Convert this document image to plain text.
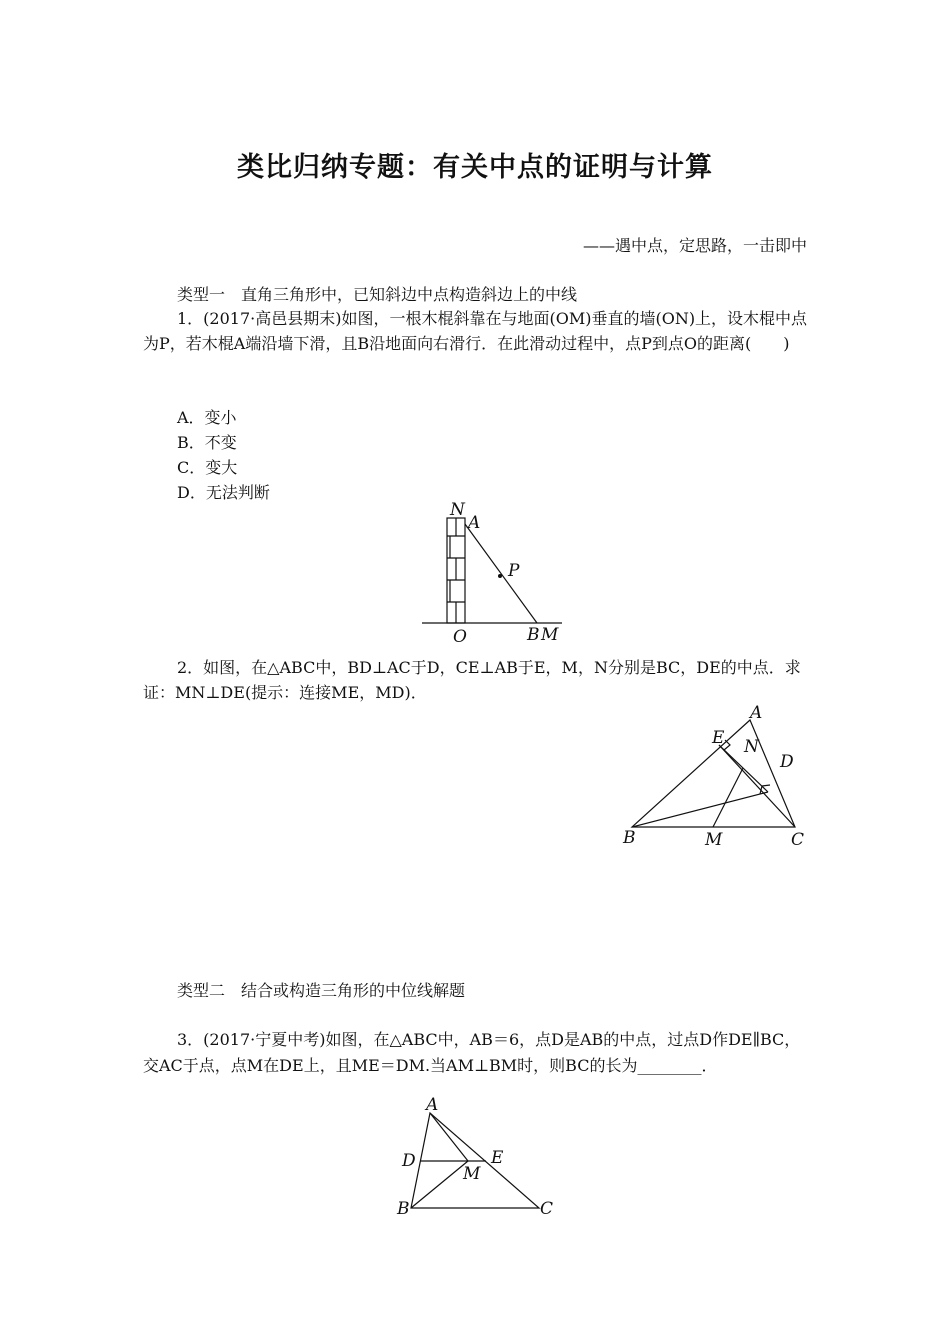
类比归纳专题：有关中点的证明与计算
——遇中点，定思路，一击即中
类型一　直角三角形中，已知斜边中点构造斜边上的中线
1．(2017·高邑县期末)如图，一根木棍斜靠在与地面(OM)垂直的墙(ON)上，设木棍中点为P，若木棍A端沿墙下滑，且B沿地面向右滑行．在此滑动过程中，点P到点O的距离(　　)
A．变小
B．不变
C．变大
D．无法判断
N
A
P
O	B M
2．如图，在△ABC中，BD⊥AC于D，CE⊥AB于E，M，N分别是BC，DE的中点．求证：MN⊥DE(提示：连接ME，MD)．
A
E N
D
B	M	C
类型二　结合或构造三角形的中位线解题
3．(2017·宁夏中考)如图，在△ABC中，AB＝6，点D是AB的中点，过点D作DE∥BC，交AC于点，点M在DE上，且ME＝DM.当AM⊥BM时，则BC的长为________．
A
D	E
M
B	C
